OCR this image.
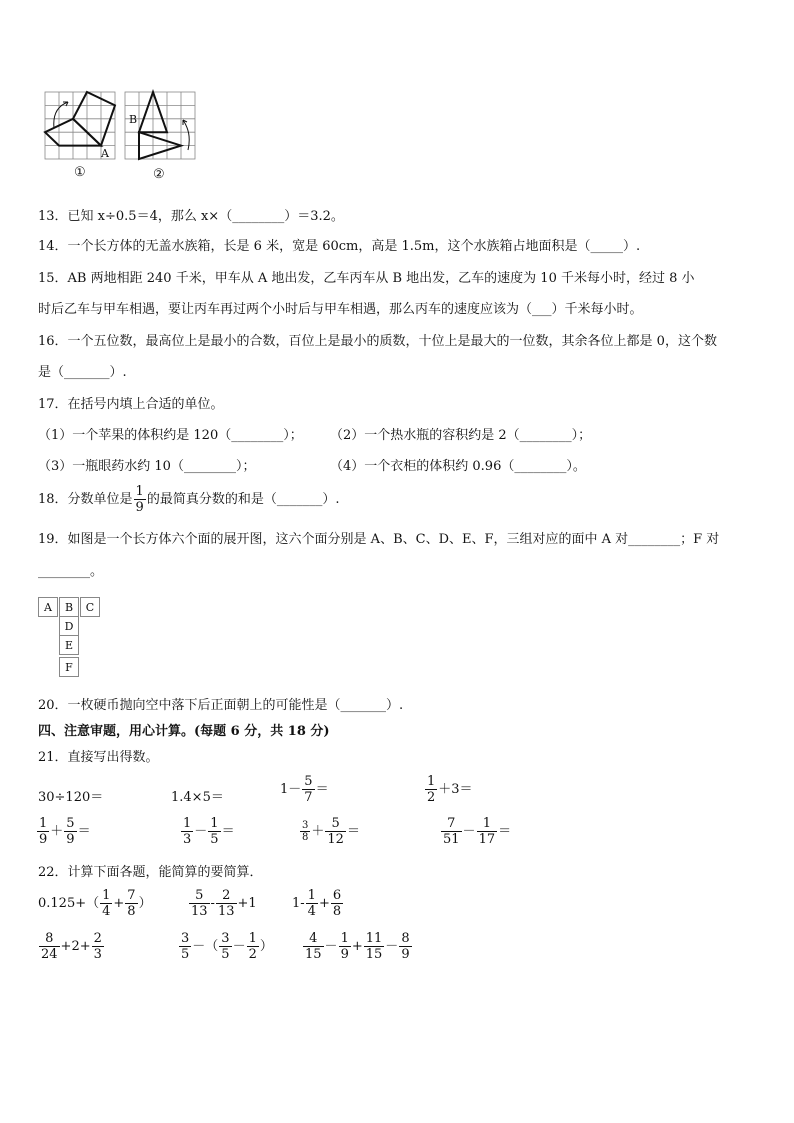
A
B
①	②
13．已知 x÷0.5＝4，那么 x×（________）＝3.2。
14．一个长方体的无盖水族箱，长是 6 米，宽是 60cm，高是 1.5m，这个水族箱占地面积是（_____）.
15．AB 两地相距 240 千米，甲车从 A 地出发，乙车丙车从 B 地出发，乙车的速度为 10 千米每小时，经过 8 小
时后乙车与甲车相遇，要让丙车再过两个小时后与甲车相遇，那么丙车的速度应该为（___）千米每小时。
16．一个五位数，最高位上是最小的合数，百位上是最小的质数，十位上是最大的一位数，其余各位上都是 0，这个数
是（_______）.
17．在括号内填上合适的单位。
（1）一个苹果的体积约是 120（________）； （2）一个热水瓶的容积约是 2（________）；
（3）一瓶眼药水约 10（________）；	（4）一个衣柜的体积约 0.96（________）。
18．分数单位是 $\frac{1}{9}$ 的最简真分数的和是（_______）.
19．如图是一个长方体六个面的展开图，这六个面分别是 A、B、C、D、E、F，三组对应的面中 A 对________；F 对
________。
A	B	C
D
E
F
20．一枚硬币抛向空中落下后正面朝上的可能性是（_______）.
四、注意审题，用心计算。(每题 6 分，共 18 分)
21．直接写出得数。
30÷120＝	1.4×5＝
$1- \frac{5}{7}$ ＝	$\frac{1}{2} +3=$
$\frac{1}{9} + \frac{5}{9}$ ＝	$\frac{1}{3} - \frac{1}{5}$ ＝	$\frac{3}{8} + \frac{5}{12}$ ＝	$\frac{7}{51} - \frac{1}{17}$ ＝
22．计算下面各题，能简算的要简算．
$0.125+( \frac{1}{4} + \frac{7}{8}$ ）	$\frac{5}{13} - \frac{2}{13} +1$	$1- \frac{1}{4} + \frac{6}{8}$
$\frac{8}{24} +2+ \frac{2}{3}$	$\frac{3}{5}$ －（ $\frac{3}{5} - \frac{1}{2}$ ） $\frac{4}{15} - \frac{1}{9} + \frac{11}{15} - \frac{8}{9}$
